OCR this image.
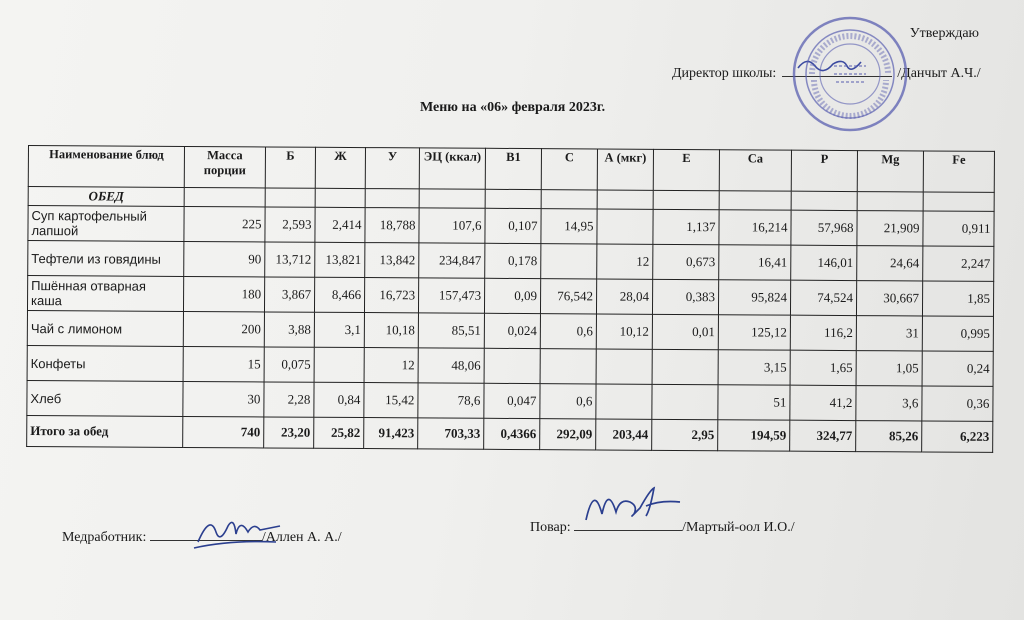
Утверждаю
Директор школы:	/Данчыт А.Ч./
Меню на «06» февраля 2023г.
Наименование блюд	Масса порции	Б	Ж	У	ЭЦ (ккал)	В1	С	А (мкг)	Е	Ca	P	Mg	Fe
ОБЕД													
Суп картофельный лапшой	225	2,593	2,414	18,788	107,6	0,107	14,95		1,137	16,214	57,968	21,909	0,911
Тефтели из говядины	90	13,712	13,821	13,842	234,847	0,178		12	0,673	16,41	146,01	24,64	2,247
Пшённая отварная каша	180	3,867	8,466	16,723	157,473	0,09	76,542	28,04	0,383	95,824	74,524	30,667	1,85
Чай с лимоном	200	3,88	3,1	10,18	85,51	0,024	0,6	10,12	0,01	125,12	116,2	31	0,995
Конфеты	15	0,075		12	48,06					3,15	1,65	1,05	0,24
Хлеб	30	2,28	0,84	15,42	78,6	0,047	0,6			51	41,2	3,6	0,36
Итого за обед	740	23,20	25,82	91,423	703,33	0,4366	292,09	203,44	2,95	194,59	324,77	85,26	6,223
Медработник:	/Аллен А. А./
Повар:	/Мартый-оол И.О./
